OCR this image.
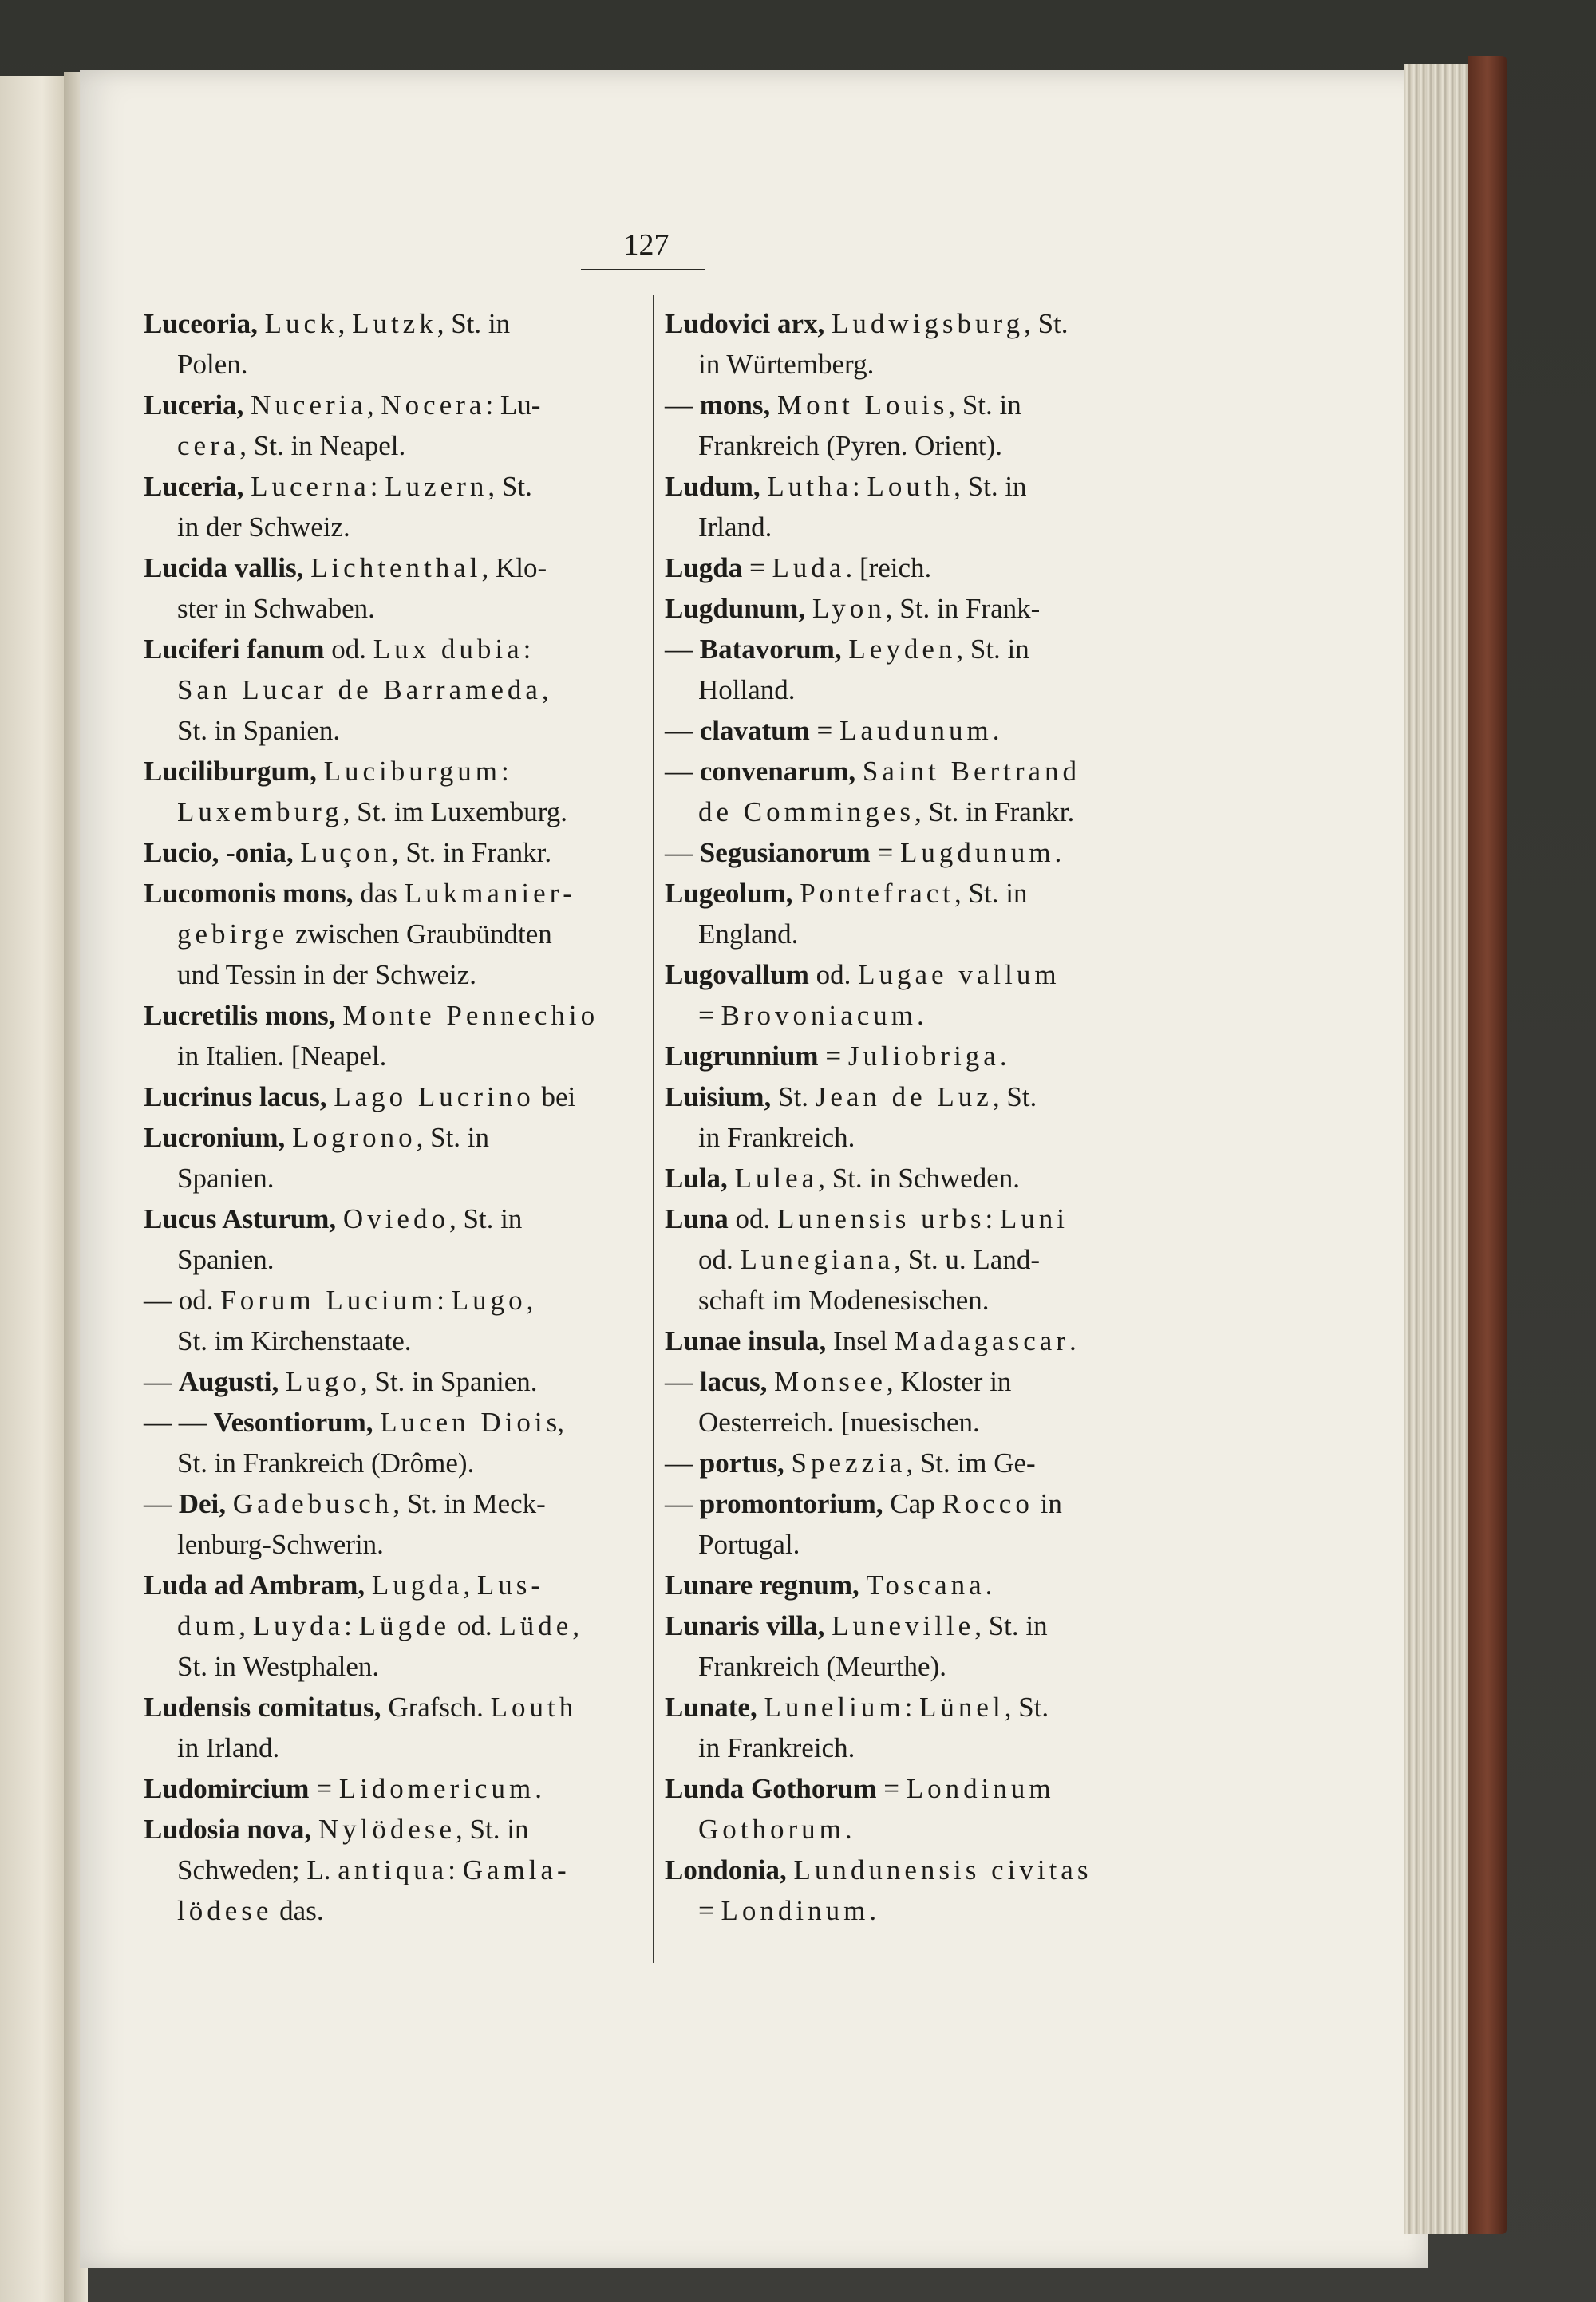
127
Luceoria, Luck, Lutzk, St. in
Polen.
Luceria, Nuceria, Nocera: Lu-
cera, St. in Neapel.
Luceria, Lucerna: Luzern, St.
in der Schweiz.
Lucida vallis, Lichtenthal, Klo-
ster in Schwaben.
Luciferi fanum od. Lux dubia:
San Lucar de Barrameda,
St. in Spanien.
Luciliburgum, Luciburgum:
Luxemburg, St. im Luxemburg.
Lucio, -onia, Luçon, St. in Frankr.
Lucomonis mons, das Lukmanier-
gebirge zwischen Graubündten
und Tessin in der Schweiz.
Lucretilis mons, Monte Pennechio
in Italien. [Neapel.
Lucrinus lacus, Lago Lucrino bei
Lucronium, Logrono, St. in
Spanien.
Lucus Asturum, Oviedo, St. in
Spanien.
— od. Forum Lucium: Lugo,
St. im Kirchenstaate.
— Augusti, Lugo, St. in Spanien.
— — Vesontiorum, Lucen Diois,
St. in Frankreich (Drôme).
— Dei, Gadebusch, St. in Meck-
lenburg-Schwerin.
Luda ad Ambram, Lugda, Lus-
dum, Luyda: Lügde od. Lüde,
St. in Westphalen.
Ludensis comitatus, Grafsch. Louth
in Irland.
Ludomircium = Lidomericum.
Ludosia nova, Nylödese, St. in
Schweden; L. antiqua: Gamla-
lödese das.
Ludovici arx, Ludwigsburg, St.
in Würtemberg.
— mons, Mont Louis, St. in
Frankreich (Pyren. Orient).
Ludum, Lutha: Louth, St. in
Irland.
Lugda = Luda. [reich.
Lugdunum, Lyon, St. in Frank-
— Batavorum, Leyden, St. in
Holland.
— clavatum = Laudunum.
— convenarum, Saint Bertrand
de Comminges, St. in Frankr.
— Segusianorum = Lugdunum.
Lugeolum, Pontefract, St. in
England.
Lugovallum od. Lugae vallum
= Brovoniacum.
Lugrunnium = Juliobriga.
Luisium, St. Jean de Luz, St.
in Frankreich.
Lula, Lulea, St. in Schweden.
Luna od. Lunensis urbs: Luni
od. Lunegiana, St. u. Land-
schaft im Modenesischen.
Lunae insula, Insel Madagascar.
— lacus, Monsee, Kloster in
Oesterreich. [nuesischen.
— portus, Spezzia, St. im Ge-
— promontorium, Cap Rocco in
Portugal.
Lunare regnum, Toscana.
Lunaris villa, Luneville, St. in
Frankreich (Meurthe).
Lunate, Lunelium: Lünel, St.
in Frankreich.
Lunda Gothorum = Londinum
Gothorum.
Londonia, Lundunensis civitas
= Londinum.
